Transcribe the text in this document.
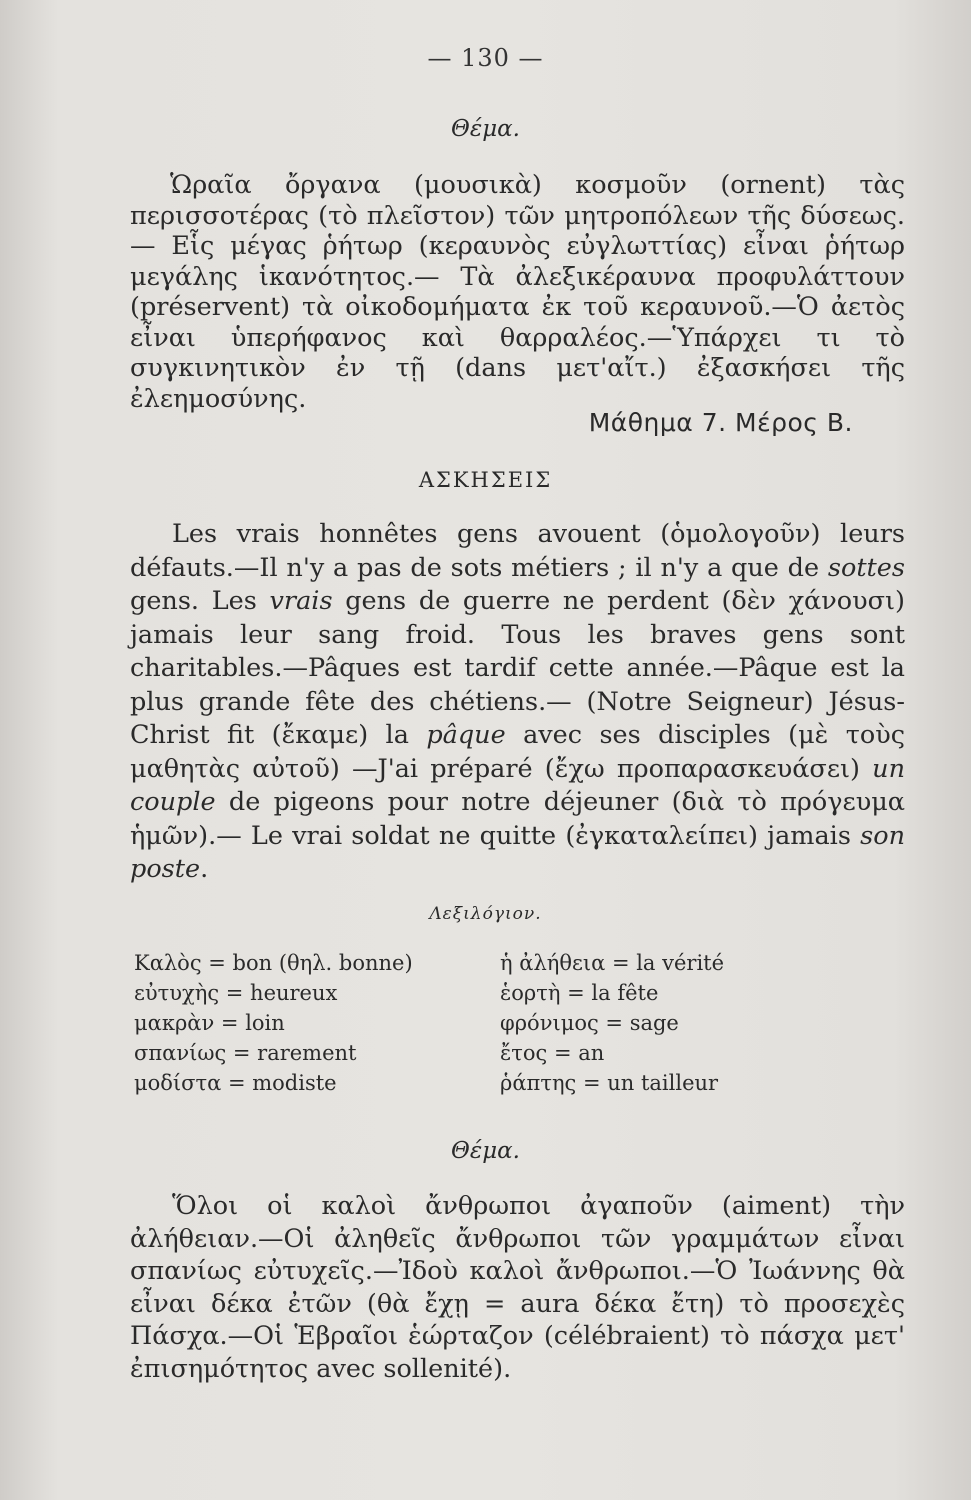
— 130 —
Θέμα.

Ὡραῖα ὄργανα (μουσικὰ) κοσμοῦν (ornent) τὰς περισσοτέρας (τὸ πλεῖστον) τῶν μητροπόλεων τῆς δύσεως.— Εἷς μέγας ῥήτωρ (κεραυνὸς εὐγλωττίας) εἶναι ῥήτωρ μεγάλης ἱκανότητος.— Τὰ ἀλεξικέραυνα προφυλάττουν (préservent) τὰ οἰκοδομήματα ἐκ τοῦ κεραυνοῦ.—Ὁ ἀετὸς εἶναι ὑπερήφανος καὶ θαρραλέος.—Ὑπάρχει τι τὸ συγκινητικὸν ἐν τῇ (dans μετ'αἴτ.) ἐξασκήσει τῆς ἐλεημοσύνης.

Μάθημα 7. Μέρος Β.
ΑΣΚΗΣΕΙΣ

Les vrais honnêtes gens avouent (ὁμολογοῦν) leurs défauts.—Il n'y a pas de sots métiers ; il n'y a que de sottes gens. Les vrais gens de guerre ne perdent (δὲν χάνουσι) jamais leur sang froid. Tous les braves gens sont charitables.—Pâques est tardif cette année.—Pâque est la plus grande fête des chétiens.— (Notre Seigneur) Jésus-Christ fit (ἔκαμε) la pâque avec ses disciples (μὲ τοὺς μαθητὰς αὐτοῦ) —J'ai préparé (ἔχω προπαρασκευάσει) un couple de pigeons pour notre déjeuner (διὰ τὸ πρόγευμα ἡμῶν).— Le vrai soldat ne quitte (ἐγκαταλείπει) jamais son poste.

Λεξιλόγιον.
Καλὸς = bon (θηλ. bonne)
εὐτυχὴς = heureux
μακρὰν = loin
σπανίως = rarement
μοδίστα = modiste
ἡ ἀλήθεια = la vérité
ἑορτὴ = la fête
φρόνιμος = sage
ἔτος = an
ῥάπτης = un tailleur
Θέμα.

Ὅλοι οἱ καλοὶ ἄνθρωποι ἀγαποῦν (aiment) τὴν ἀλήθειαν.—Οἱ ἀληθεῖς ἄνθρωποι τῶν γραμμάτων εἶναι σπανίως εὐτυχεῖς.—Ἰδοὺ καλοὶ ἄνθρωποι.—Ὁ Ἰωάννης θὰ εἶναι δέκα ἐτῶν (θὰ ἔχῃ = aura δέκα ἔτη) τὸ προσεχὲς Πάσχα.—Οἱ Ἑβραῖοι ἑώρταζον (célébraient) τὸ πάσχα μετ' ἐπισημότητος avec sollenité).
